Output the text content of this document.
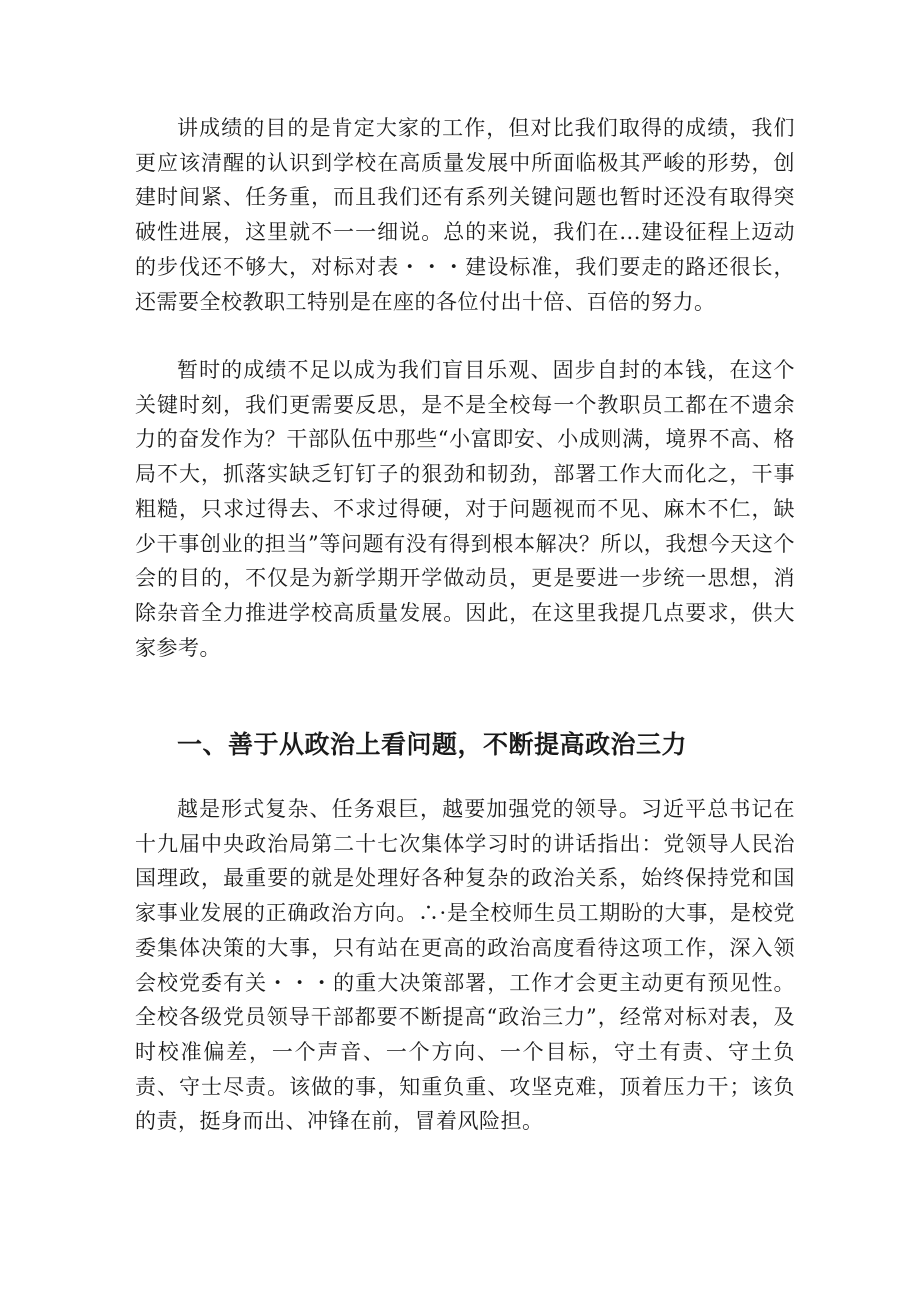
讲成绩的目的是肯定大家的工作，但对比我们取得的成绩，我们更应该清醒的认识到学校在高质量发展中所面临极其严峻的形势，创建时间紧、任务重，而且我们还有系列关键问题也暂时还没有取得突破性进展，这里就不一一细说。总的来说，我们在...建设征程上迈动的步伐还不够大，对标对表・・・建设标准，我们要走的路还很长，还需要全校教职工特别是在座的各位付出十倍、百倍的努力。

暂时的成绩不足以成为我们盲目乐观、固步自封的本钱，在这个关键时刻，我们更需要反思，是不是全校每一个教职员工都在不遗余力的奋发作为？干部队伍中那些“小富即安、小成则满，境界不高、格局不大，抓落实缺乏钉钉子的狠劲和韧劲，部署工作大而化之，干事粗糙，只求过得去、不求过得硬，对于问题视而不见、麻木不仁，缺少干事创业的担当”等问题有没有得到根本解决？所以，我想今天这个会的目的，不仅是为新学期开学做动员，更是要进一步统一思想，消除杂音全力推进学校高质量发展。因此，在这里我提几点要求，供大家参考。

一、善于从政治上看问题，不断提高政治三力

越是形式复杂、任务艰巨，越要加强党的领导。习近平总书记在十九届中央政治局第二十七次集体学习时的讲话指出：党领导人民治国理政，最重要的就是处理好各种复杂的政治关系，始终保持党和国家事业发展的正确政治方向。∴·是全校师生员工期盼的大事，是校党委集体决策的大事，只有站在更高的政治高度看待这项工作，深入领会校党委有关・・・的重大决策部署，工作才会更主动更有预见性。全校各级党员领导干部都要不断提高“政治三力”，经常对标对表，及时校准偏差，一个声音、一个方向、一个目标，守土有责、守土负责、守士尽责。该做的事，知重负重、攻坚克难，顶着压力干；该负的责，挺身而出、冲锋在前，冒着风险担。
